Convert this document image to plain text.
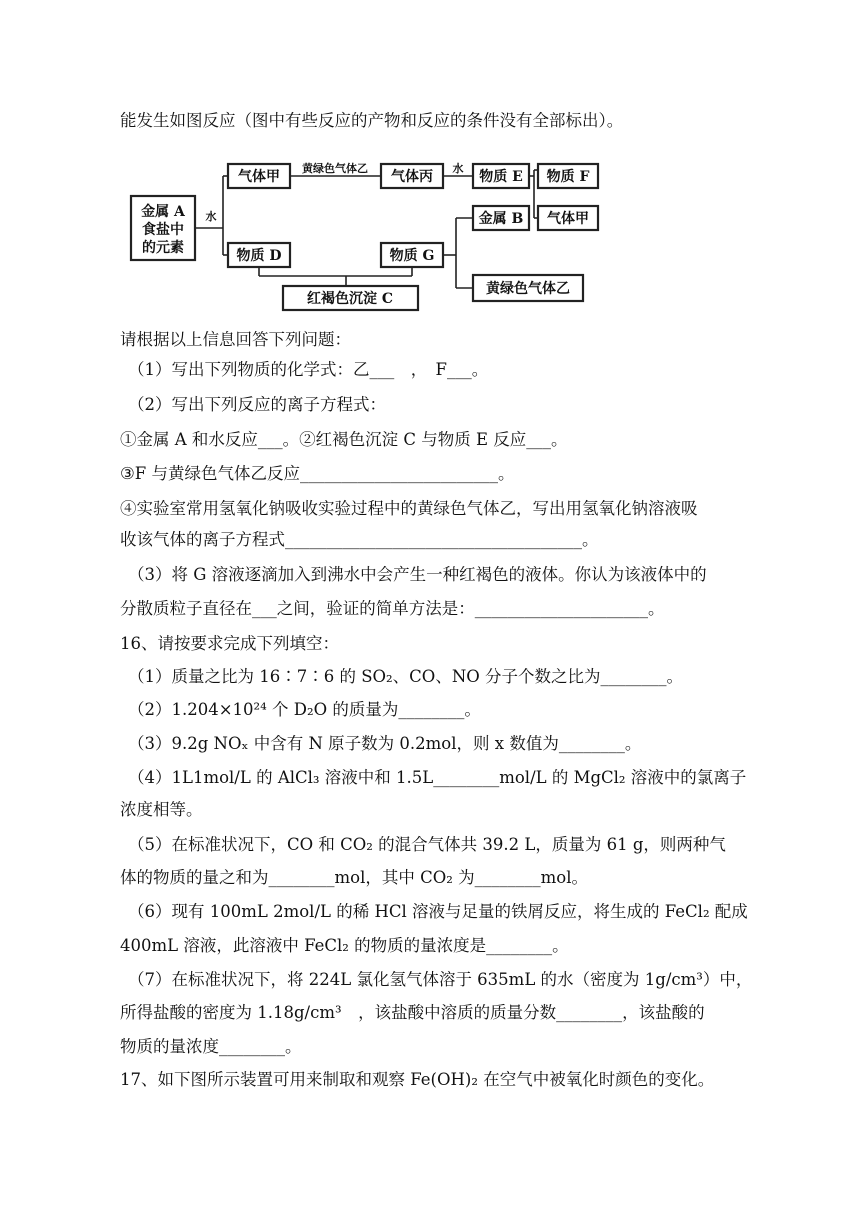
能发生如图反应（图中有些反应的产物和反应的条件没有全部标出）。
金属 A
食盐中
的元素
气体甲	气体丙	物质 E 物质 F
气体甲
金属 B
物质 D	物质 G
黄绿色气体乙
红褐色沉淀 C
水
黄绿色气体乙	水
请根据以上信息回答下列问题：
（1）写出下列物质的化学式：乙___　，　F___。
（2）写出下列反应的离子方程式：
①金属 A 和水反应___。②红褐色沉淀 C 与物质 E 反应___。
③F 与黄绿色气体乙反应________________________。
④实验室常用氢氧化钠吸收实验过程中的黄绿色气体乙，写出用氢氧化钠溶液吸
收该气体的离子方程式____________________________________。
（3）将 G 溶液逐滴加入到沸水中会产生一种红褐色的液体。你认为该液体中的
分散质粒子直径在___之间，验证的简单方法是：_____________________。
16、请按要求完成下列填空：
（1）质量之比为 16∶7∶6 的 SO₂、CO、NO 分子个数之比为________。
（2）1.204×10²⁴ 个 D₂O 的质量为________。
（3）9.2g NOₓ 中含有 N 原子数为 0.2mol，则 x 数值为________。
（4）1L1mol/L 的 AlCl₃ 溶液中和 1.5L________mol/L 的 MgCl₂ 溶液中的氯离子
浓度相等。
（5）在标准状况下，CO 和 CO₂ 的混合气体共 39.2 L，质量为 61 g，则两种气
体的物质的量之和为________mol，其中 CO₂ 为________mol。
（6）现有 100mL 2mol/L 的稀 HCl 溶液与足量的铁屑反应，将生成的 FeCl₂ 配成
400mL 溶液，此溶液中 FeCl₂ 的物质的量浓度是________。
（7）在标准状况下，将 224L 氯化氢气体溶于 635mL 的水（密度为 1g/cm³）中，
所得盐酸的密度为 1.18g/cm³　，该盐酸中溶质的质量分数________，该盐酸的
物质的量浓度________。
17、如下图所示装置可用来制取和观察 Fe(OH)₂ 在空气中被氧化时颜色的变化。
